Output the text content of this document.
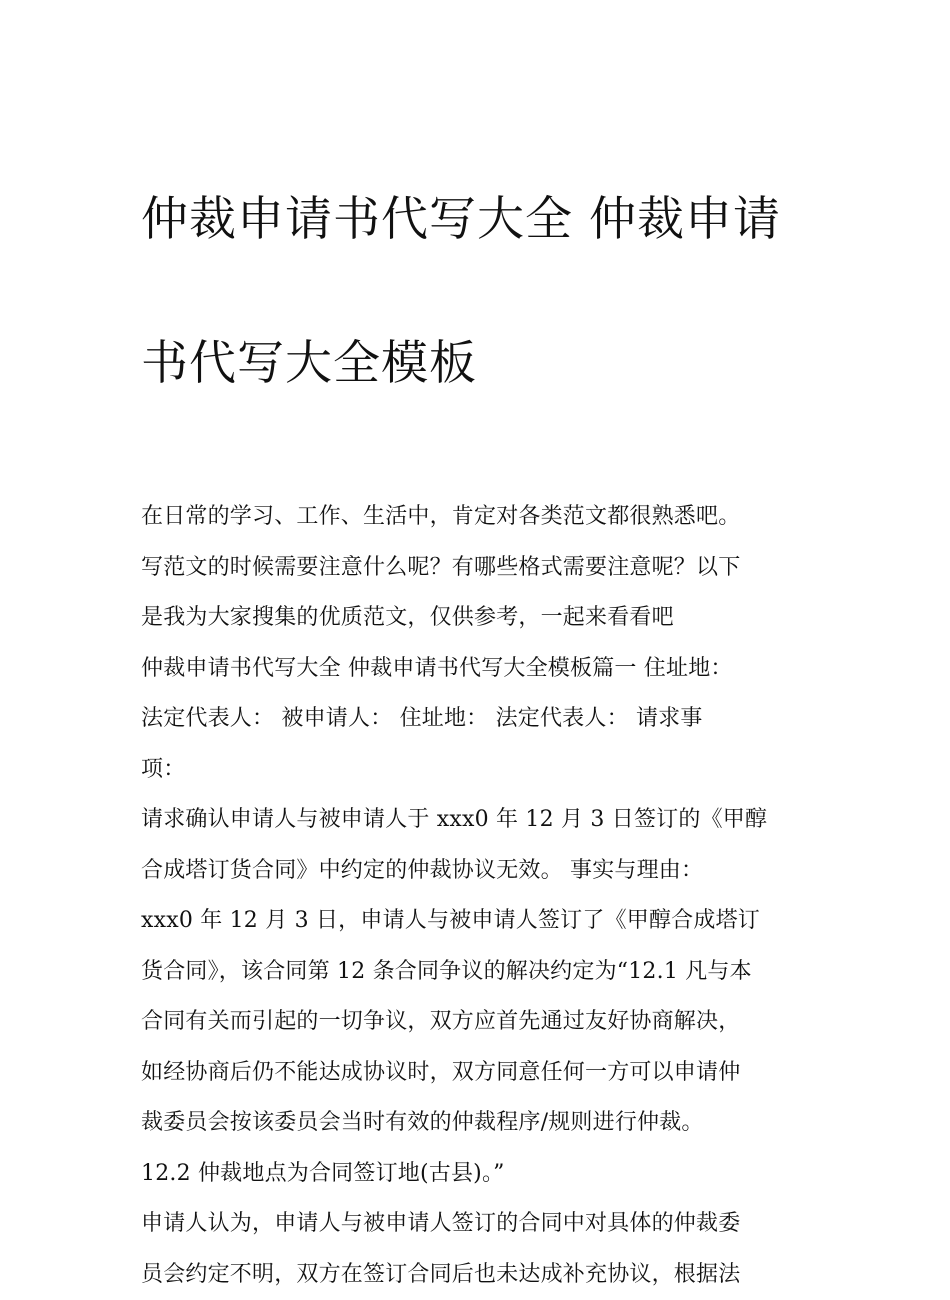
仲裁申请书代写大全 仲裁申请

书代写大全模板

在日常的学习、工作、生活中，肯定对各类范文都很熟悉吧。
写范文的时候需要注意什么呢？有哪些格式需要注意呢？以下
是我为大家搜集的优质范文，仅供参考，一起来看看吧
仲裁申请书代写大全 仲裁申请书代写大全模板篇一 住址地：
法定代表人： 被申请人： 住址地： 法定代表人： 请求事
项：
请求确认申请人与被申请人于 xxx0 年 12 月 3 日签订的《甲醇
合成塔订货合同》中约定的仲裁协议无效。 事实与理由：
xxx0 年 12 月 3 日，申请人与被申请人签订了《甲醇合成塔订
货合同》，该合同第 12 条合同争议的解决约定为“12.1 凡与本
合同有关而引起的一切争议，双方应首先通过友好协商解决，
如经协商后仍不能达成协议时，双方同意任何一方可以申请仲
裁委员会按该委员会当时有效的仲裁程序/规则进行仲裁。
12.2 仲裁地点为合同签订地(古县)。”
申请人认为，申请人与被申请人签订的合同中对具体的仲裁委
员会约定不明，双方在签订合同后也未达成补充协议，根据法
